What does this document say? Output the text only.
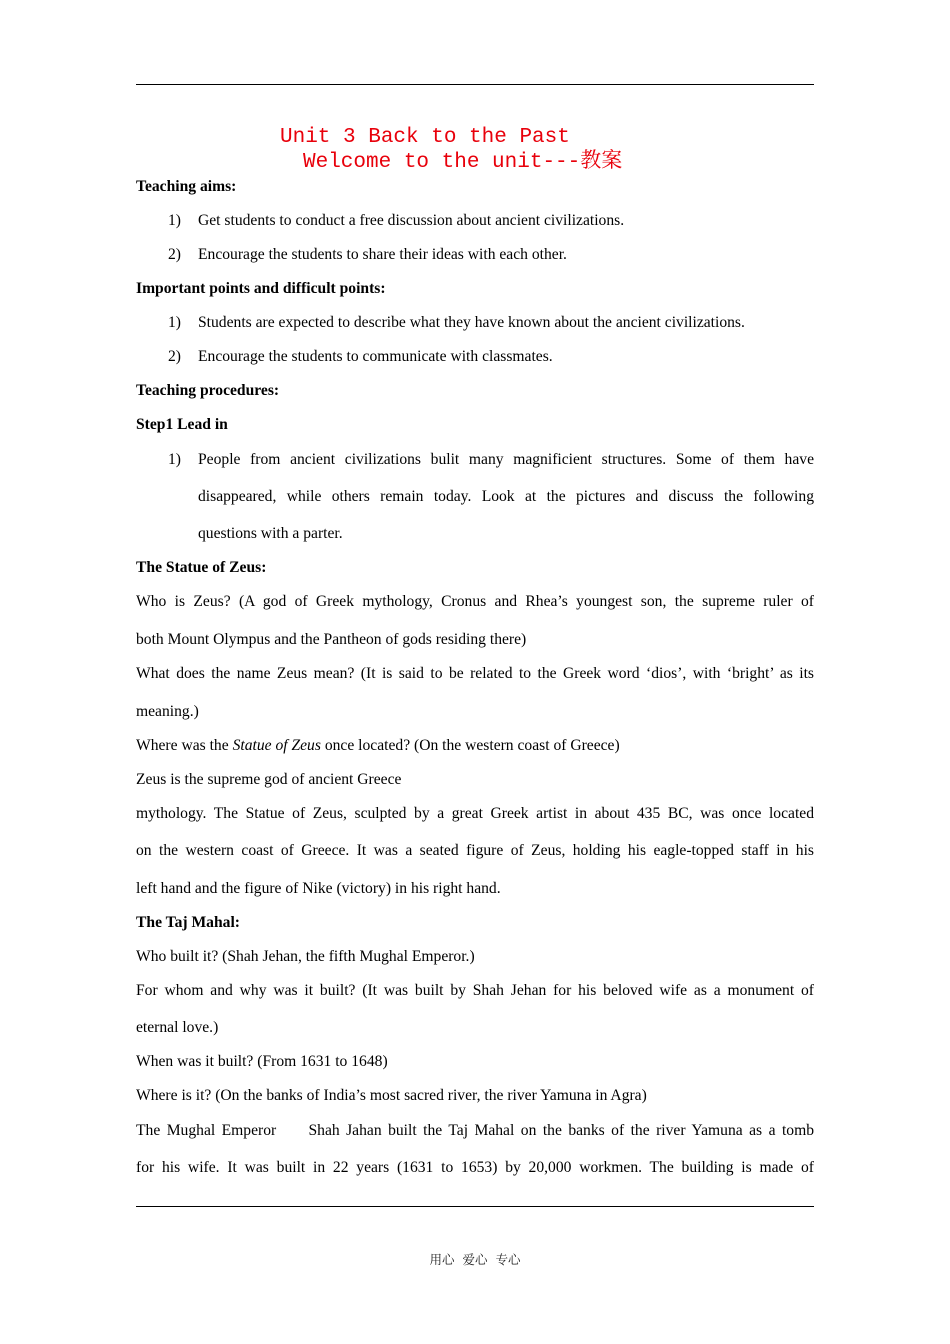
Unit 3 Back to the Past
Welcome to the unit---教案
Teaching aims:
1) Get students to conduct a free discussion about ancient civilizations.
2) Encourage the students to share their ideas with each other.
Important points and difficult points:
1) Students are expected to describe what they have known about the ancient civilizations.
2) Encourage the students to communicate with classmates.
Teaching procedures:
Step1 Lead in
1) People from ancient civilizations bulit many magnificient structures. Some of them have
disappeared, while others remain today. Look at the pictures and discuss the following
questions with a parter.
The Statue of Zeus:
Who is Zeus? (A god of Greek mythology, Cronus and Rhea’s youngest son, the supreme ruler of
both Mount Olympus and the Pantheon of gods residing there)
What does the name Zeus mean? (It is said to be related to the Greek word ‘dios’, with ‘bright’ as its
meaning.)
Where was the Statue of Zeus once located? (On the western coast of Greece)
Zeus is the supreme god of ancient Greece
mythology. The Statue of Zeus, sculpted by a great Greek artist in about 435 BC, was once located
on the western coast of Greece. It was a seated figure of Zeus, holding his eagle-topped staff in his
left hand and the figure of Nike (victory) in his right hand.
The Taj Mahal:
Who built it? (Shah Jehan, the fifth Mughal Emperor.)
For whom and why was it built? (It was built by Shah Jehan for his beloved wife as a monument of
eternal love.)
When was it built? (From 1631 to 1648)
Where is it? (On the banks of India’s most sacred river, the river Yamuna in Agra)
The Mughal Emperor     Shah Jahan built the Taj Mahal on the banks of the river Yamuna as a tomb
for his wife. It was built in 22 years (1631 to 1653) by 20,000 workmen. The building is made of
用心 爱心 专心
